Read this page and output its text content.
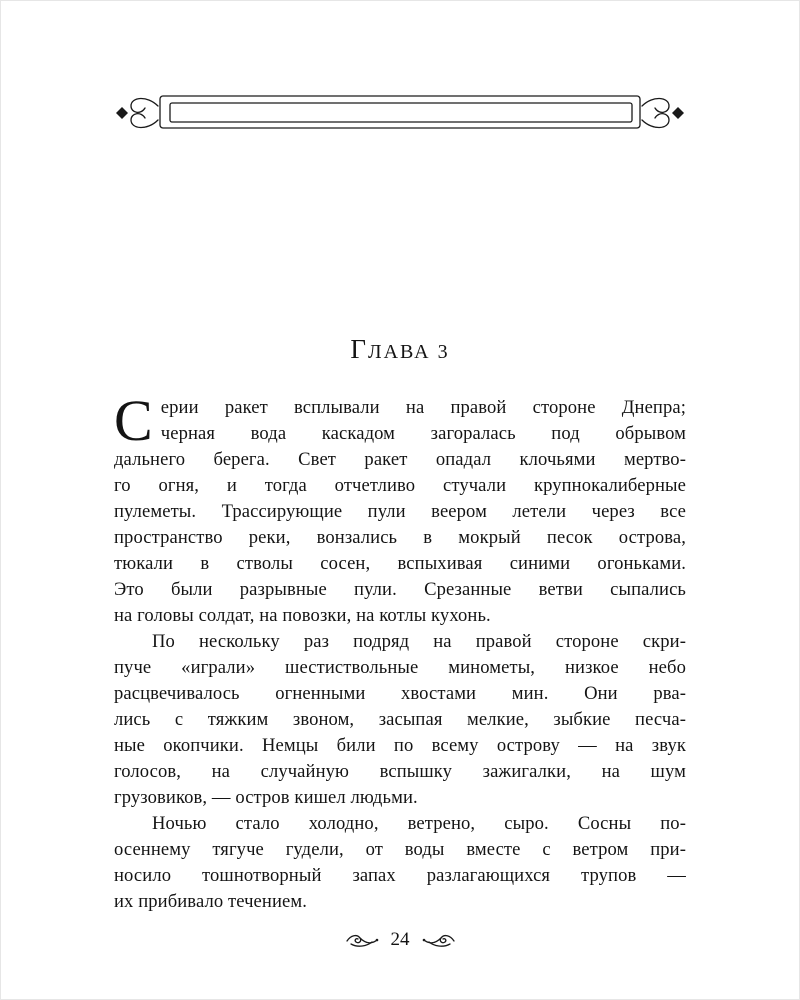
ГЛАВА 3
С ерии ракет всплывали на правой стороне Днепра;
черная вода каскадом загоралась под обрывом
дальнего берега. Свет ракет опадал клочьями мертво-
го огня, и тогда отчетливо стучали крупнокалиберные
пулеметы. Трассирующие пули веером летели через все
пространство реки, вонзались в мокрый песок острова,
тюкали в стволы сосен, вспыхивая синими огоньками.
Это были разрывные пули. Срезанные ветви сыпались
на головы солдат, на повозки, на котлы кухонь.
По нескольку раз подряд на правой стороне скри-
пуче «играли» шестиствольные минометы, низкое небо
расцвечивалось огненными хвостами мин. Они рва-
лись с тяжким звоном, засыпая мелкие, зыбкие песча-
ные окопчики. Немцы били по всему острову — на звук
голосов, на случайную вспышку зажигалки, на шум
грузовиков, — остров кишел людьми.
Ночью стало холодно, ветрено, сыро. Сосны по-
осеннему тягуче гудели, от воды вместе с ветром при-
носило тошнотворный запах разлагающихся трупов —
их прибивало течением.
24
